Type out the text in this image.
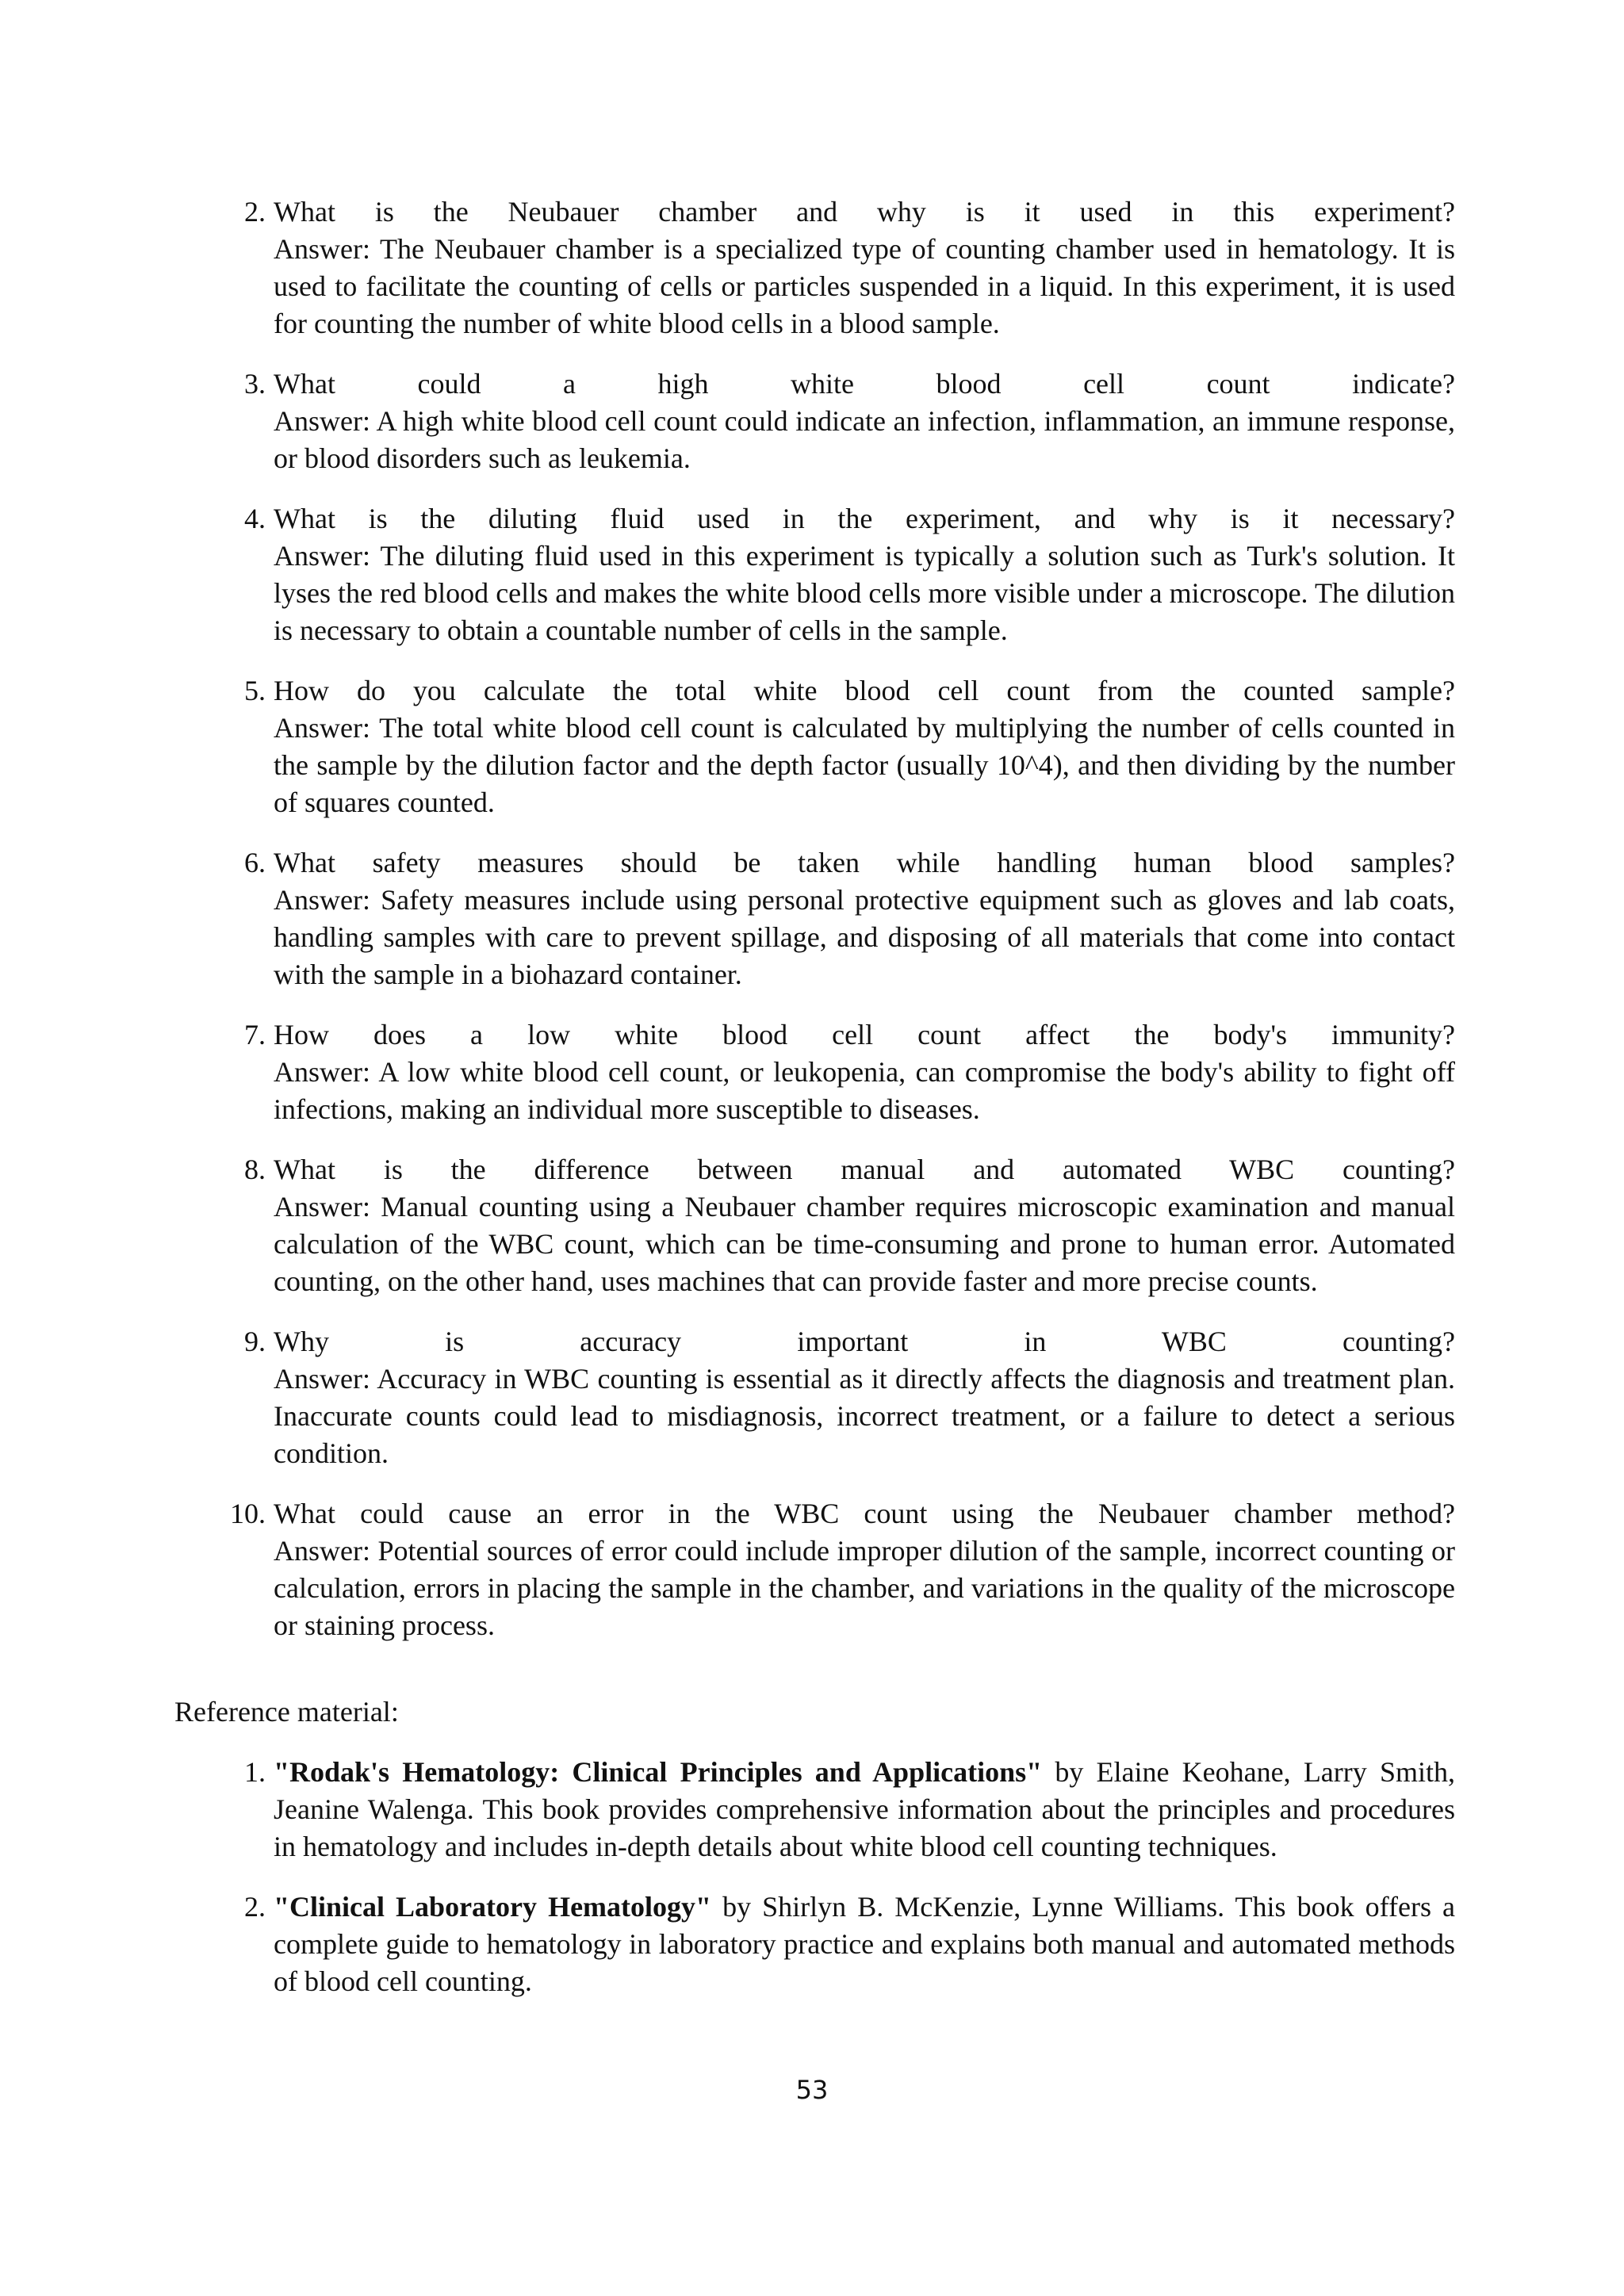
2. What is the Neubauer chamber and why is it used in this experiment?

Answer: The Neubauer chamber is a specialized type of counting chamber used in hematology. It is used to facilitate the counting of cells or particles suspended in a liquid. In this experiment, it is used for counting the number of white blood cells in a blood sample.

3. What could a high white blood cell count indicate?

Answer: A high white blood cell count could indicate an infection, inflammation, an immune response, or blood disorders such as leukemia.

4. What is the diluting fluid used in the experiment, and why is it necessary?

Answer: The diluting fluid used in this experiment is typically a solution such as Turk's solution. It lyses the red blood cells and makes the white blood cells more visible under a microscope. The dilution is necessary to obtain a countable number of cells in the sample.

5. How do you calculate the total white blood cell count from the counted sample?

Answer: The total white blood cell count is calculated by multiplying the number of cells counted in the sample by the dilution factor and the depth factor (usually 10^4), and then dividing by the number of squares counted.

6. What safety measures should be taken while handling human blood samples?

Answer: Safety measures include using personal protective equipment such as gloves and lab coats, handling samples with care to prevent spillage, and disposing of all materials that come into contact with the sample in a biohazard container.

7. How does a low white blood cell count affect the body's immunity?

Answer: A low white blood cell count, or leukopenia, can compromise the body's ability to fight off infections, making an individual more susceptible to diseases.

8. What is the difference between manual and automated WBC counting?

Answer: Manual counting using a Neubauer chamber requires microscopic examination and manual calculation of the WBC count, which can be time-consuming and prone to human error. Automated counting, on the other hand, uses machines that can provide faster and more precise counts.

9. Why is accuracy important in WBC counting?

Answer: Accuracy in WBC counting is essential as it directly affects the diagnosis and treatment plan. Inaccurate counts could lead to misdiagnosis, incorrect treatment, or a failure to detect a serious condition.

10. What could cause an error in the WBC count using the Neubauer chamber method?

Answer: Potential sources of error could include improper dilution of the sample, incorrect counting or calculation, errors in placing the sample in the chamber, and variations in the quality of the microscope or staining process.

Reference material:

1. "Rodak's Hematology: Clinical Principles and Applications" by Elaine Keohane, Larry Smith, Jeanine Walenga. This book provides comprehensive information about the principles and procedures in hematology and includes in-depth details about white blood cell counting techniques.
2. "Clinical Laboratory Hematology" by Shirlyn B. McKenzie, Lynne Williams. This book offers a complete guide to hematology in laboratory practice and explains both manual and automated methods of blood cell counting.
53
